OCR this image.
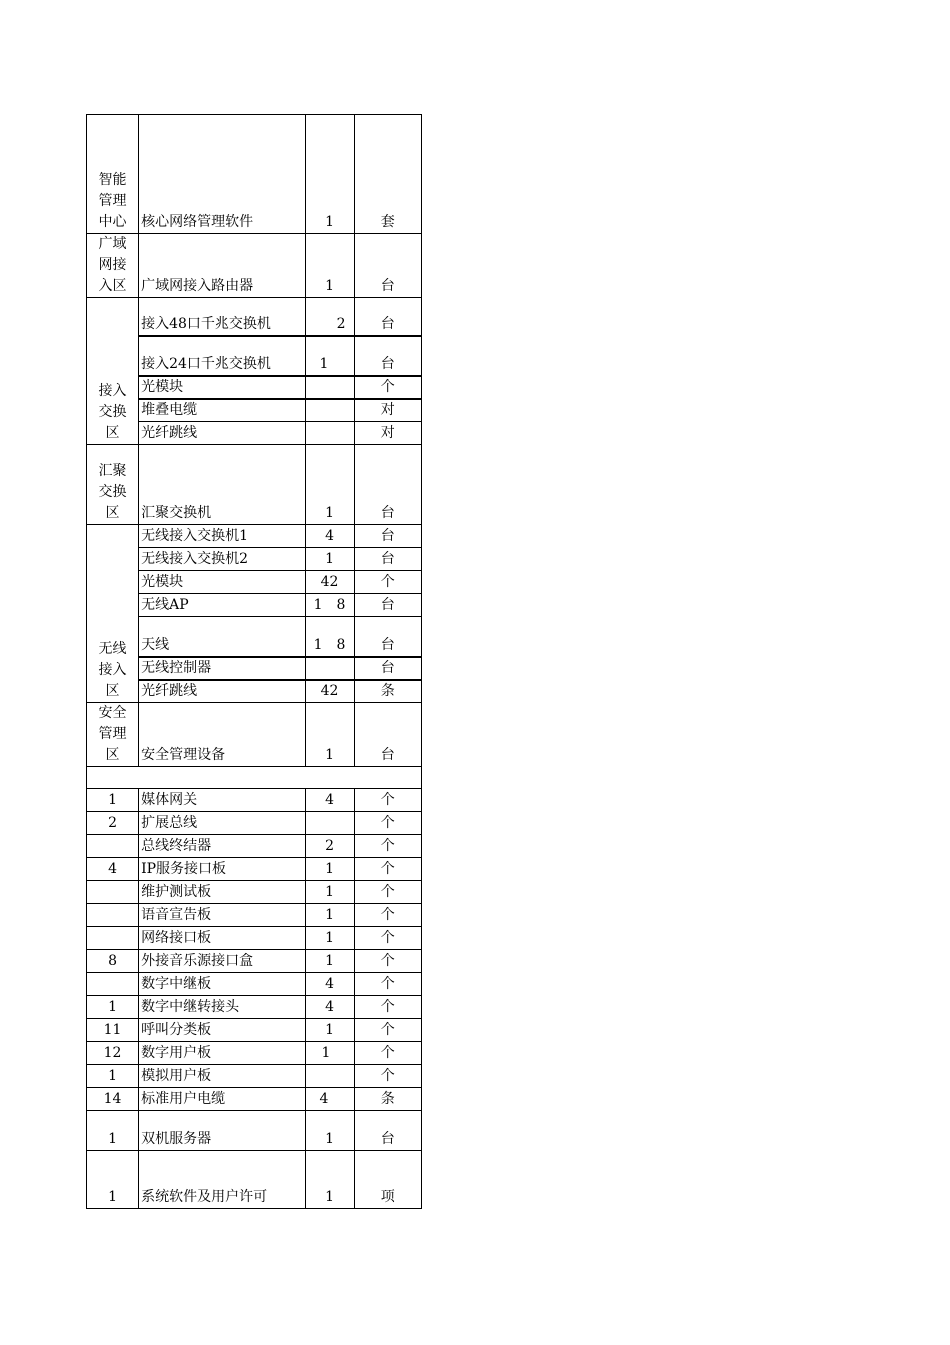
智能
管理
中心	核心网络管理软件	1	套

广域
网接
入区	广域网接入路由器	1	台

接入
交换
区	接入48口千兆交换机	2	台
	接入24口千兆交换机	1	台
	光模块		个
	堆叠电缆		对
	光纤跳线		对

汇聚
交换
区	汇聚交换机	1	台

无线
接入
区	无线接入交换机1	4	台
	无线接入交换机2	1	台
	光模块	42	个
	无线AP	1　8	台
	天线	1　8	台
	无线控制器		台
	光纤跳线	42	条

安全
管理
区	安全管理设备	1	台

1	媒体网关	4	个
2	扩展总线		个
	总线终结器	2	个
4	IP服务接口板	1	个
	维护测试板	1	个
	语音宣告板	1	个
	网络接口板	1	个
8	外接音乐源接口盒	1	个
	数字中继板	4	个
1	数字中继转接头	4	个
11	呼叫分类板	1	个
12	数字用户板	1	个
1	模拟用户板		个
14	标准用户电缆	4	条
1	双机服务器	1	台
1	系统软件及用户许可	1	项
